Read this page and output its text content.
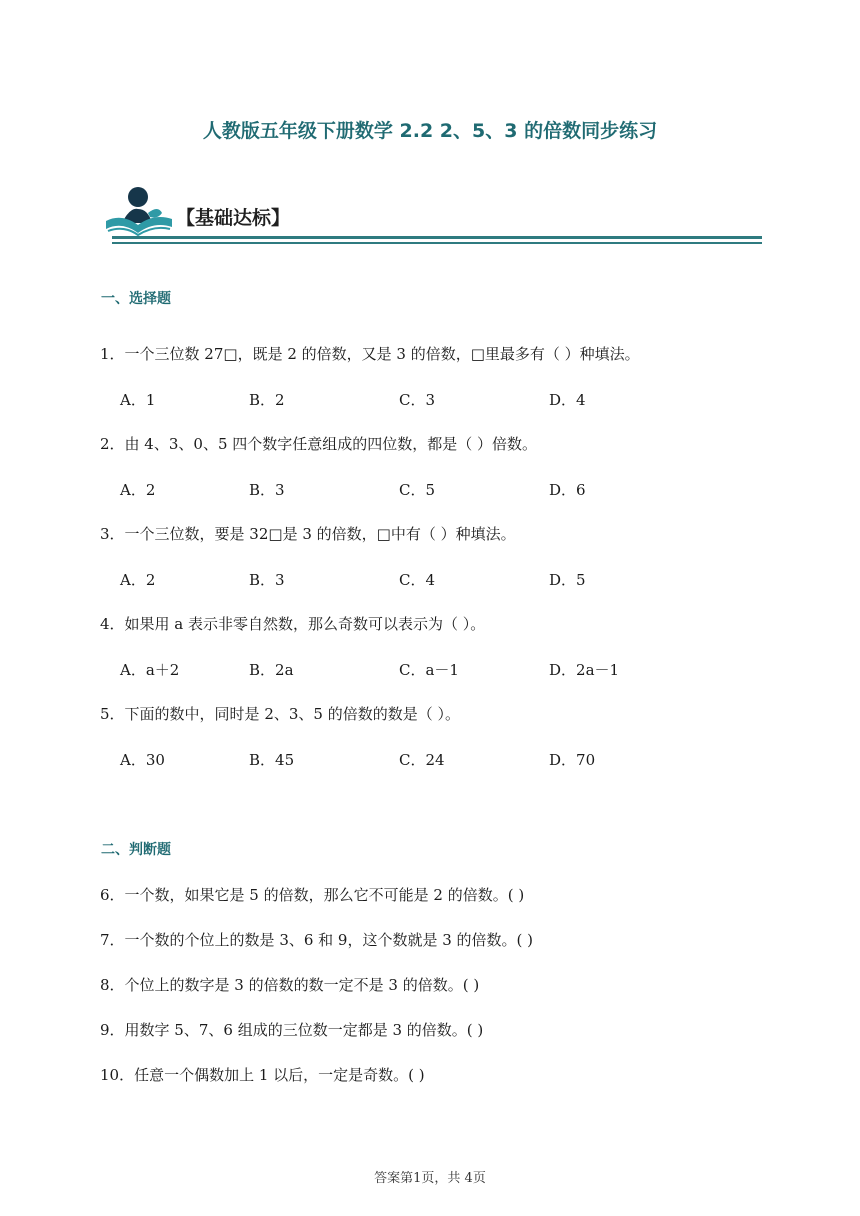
人教版五年级下册数学 2.2 2、5、3 的倍数同步练习
【基础达标】
一、选择题
1．一个三位数 27□，既是 2 的倍数，又是 3 的倍数，□里最多有（ ）种填法。
A．1	B．2	C．3	D．4
2．由 4、3、0、5 四个数字任意组成的四位数，都是（ ）倍数。
A．2	B．3	C．5	D．6
3．一个三位数，要是 32□是 3 的倍数，□中有（ ）种填法。
A．2	B．3	C．4	D．5
4．如果用 a 表示非零自然数，那么奇数可以表示为（ ）。
A．a＋2	B．2a	C．a－1	D．2a－1
5．下面的数中，同时是 2、3、5 的倍数的数是（ ）。
A．30	B．45	C．24	D．70
二、判断题
6．一个数，如果它是 5 的倍数，那么它不可能是 2 的倍数。( )
7．一个数的个位上的数是 3、6 和 9，这个数就是 3 的倍数。( )
8．个位上的数字是 3 的倍数的数一定不是 3 的倍数。( )
9．用数字 5、7、6 组成的三位数一定都是 3 的倍数。( )
10．任意一个偶数加上 1 以后，一定是奇数。( )
答案第1页，共 4页
